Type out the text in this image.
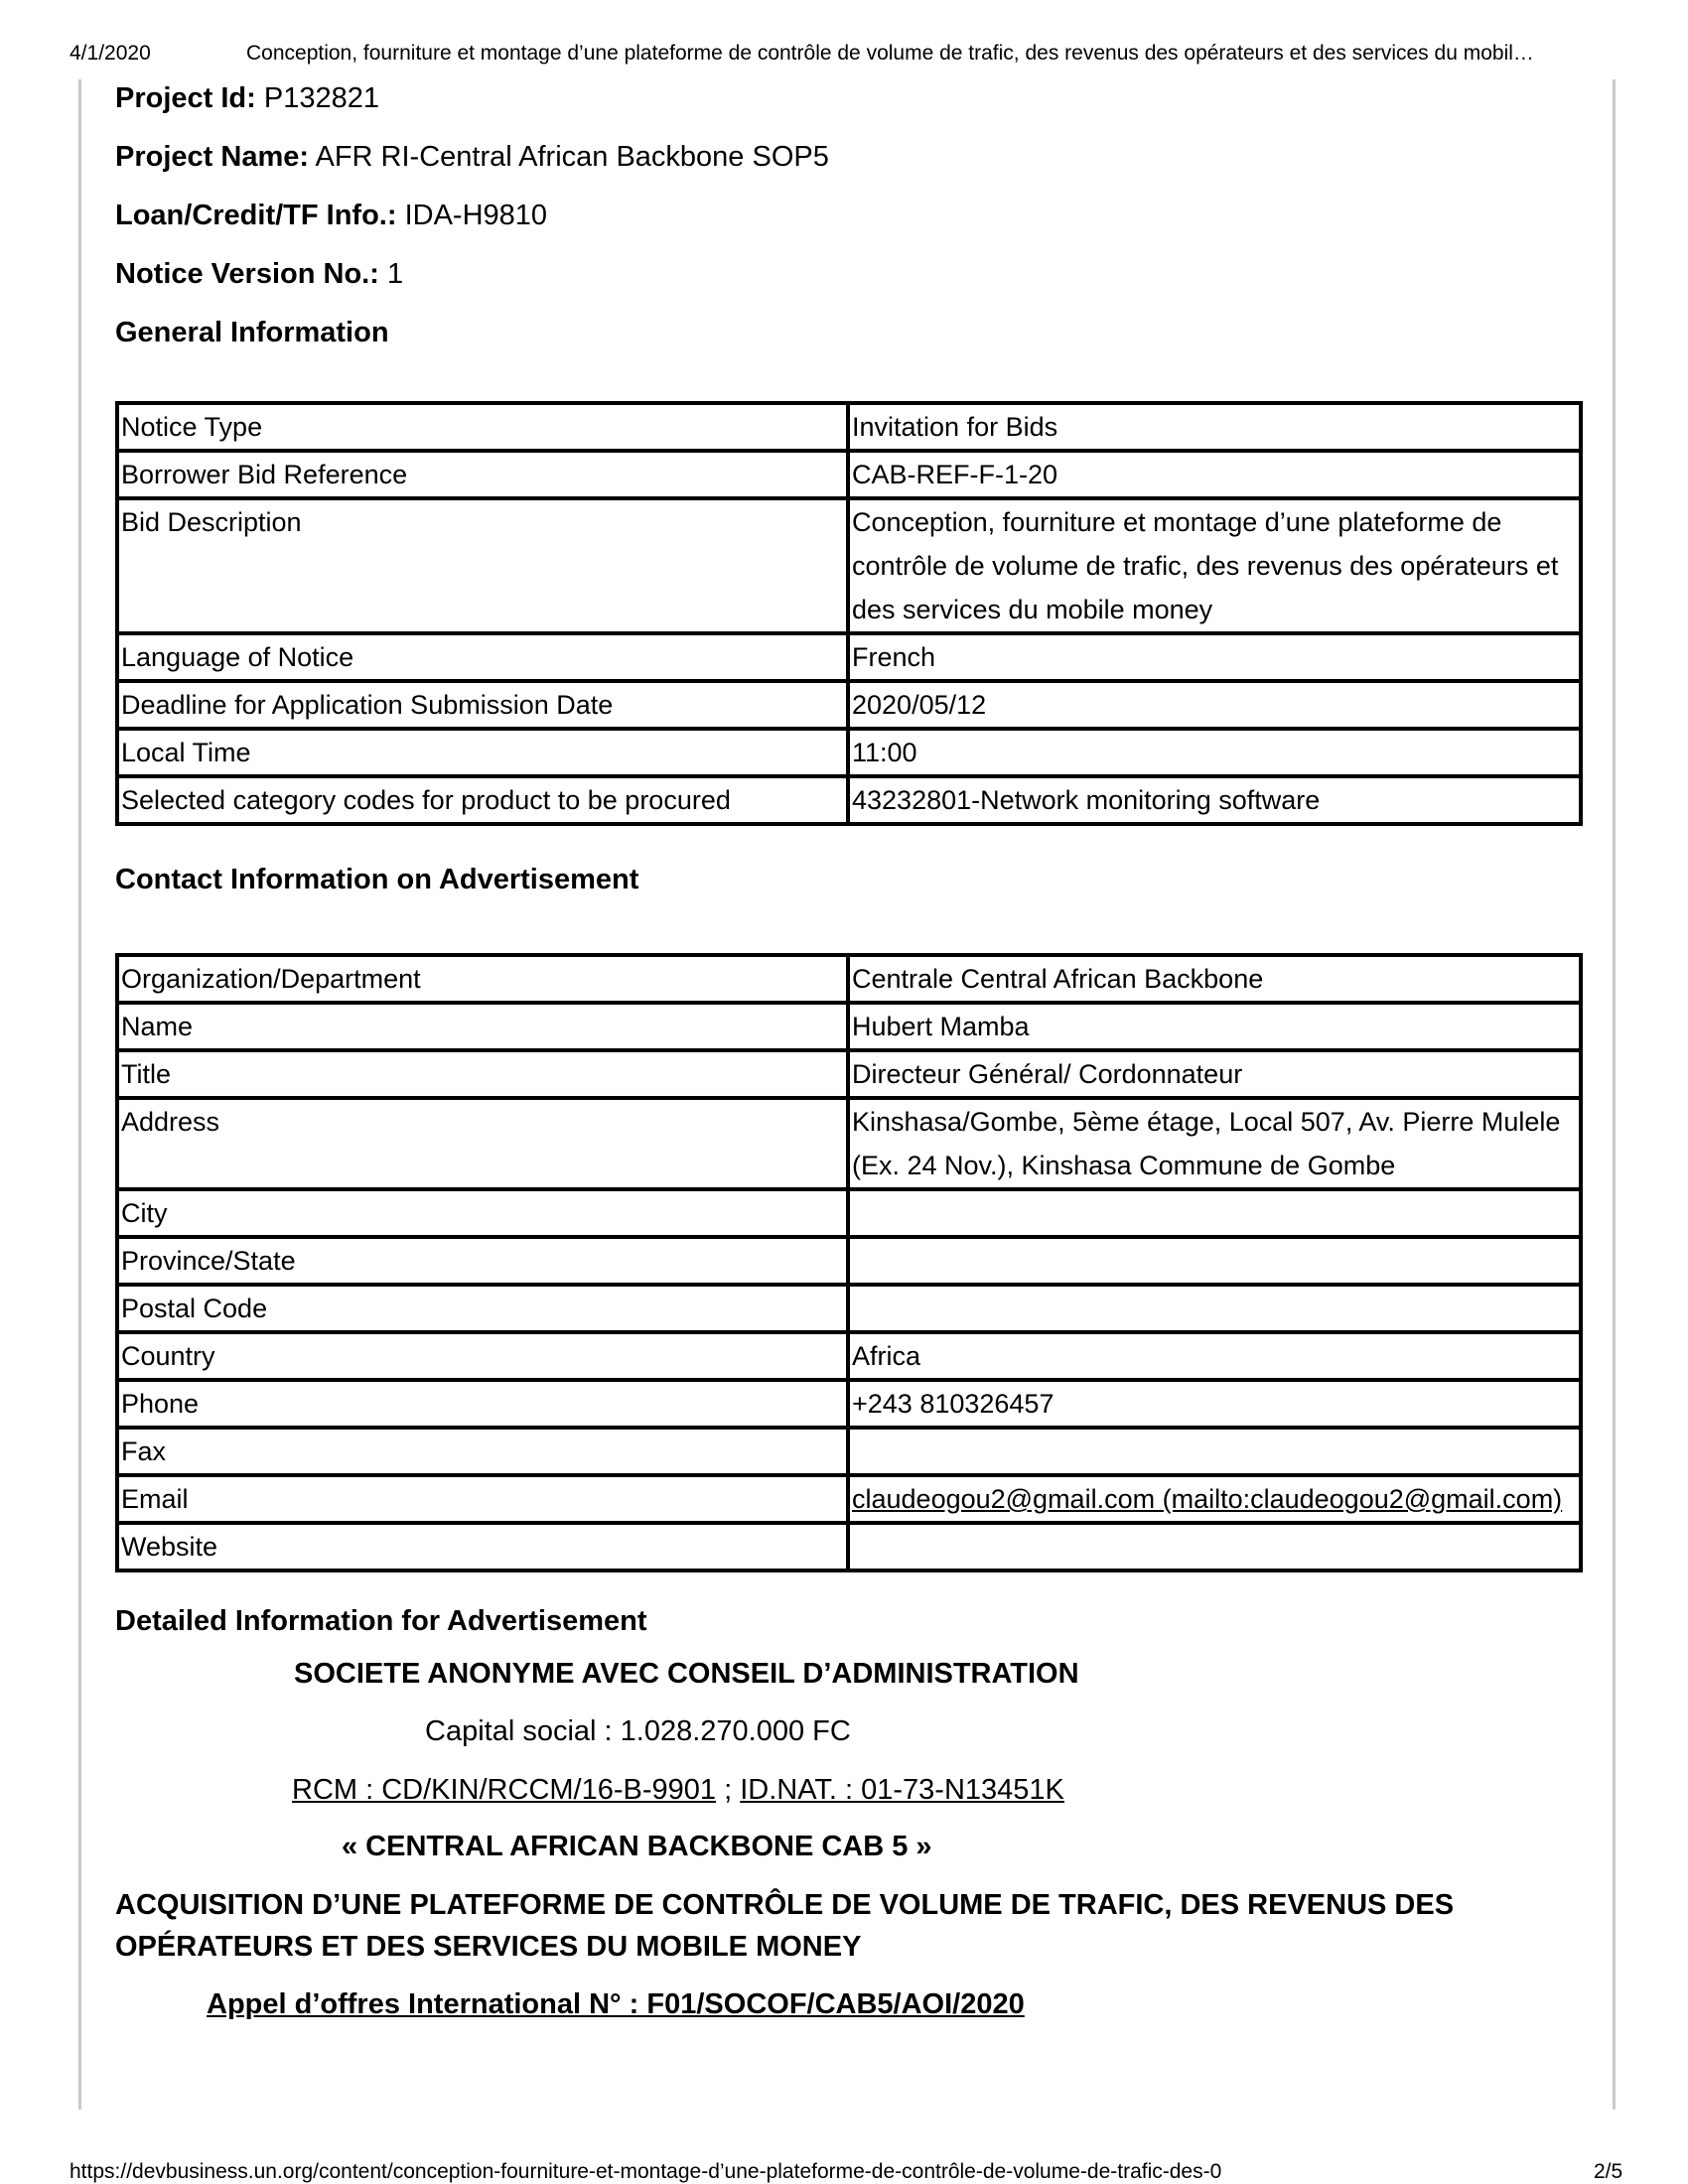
4/1/2020	Conception, fourniture et montage d’une plateforme de contrôle de volume de trafic, des revenus des opérateurs et des services du mobil…

Project Id: P132821

Project Name: AFR RI-Central African Backbone SOP5

Loan/Credit/TF Info.: IDA-H9810

Notice Version No.: 1

General Information

Notice Type	Invitation for Bids
Borrower Bid Reference	CAB-REF-F-1-20
Bid Description	Conception, fourniture et montage d’une plateforme de contrôle de volume de trafic, des revenus des opérateurs et des services du mobile money
Language of Notice	French
Deadline for Application Submission Date	2020/05/12
Local Time	11:00
Selected category codes for product to be procured	43232801-Network monitoring software

Contact Information on Advertisement

Organization/Department	Centrale Central African Backbone
Name	Hubert Mamba
Title	Directeur Général/ Cordonnateur
Address	Kinshasa/Gombe, 5ème étage, Local 507, Av. Pierre Mulele (Ex. 24 Nov.), Kinshasa Commune de Gombe
City	
Province/State	
Postal Code	
Country	Africa
Phone	+243 810326457
Fax	
Email	claudeogou2@gmail.com (mailto:claudeogou2@gmail.com)
Website	

Detailed Information for Advertisement

SOCIETE ANONYME AVEC CONSEIL D’ADMINISTRATION
Capital social : 1.028.270.000 FC
RCM : CD/KIN/RCCM/16-B-9901 ; ID.NAT. : 01-73-N13451K
« CENTRAL AFRICAN BACKBONE CAB 5 »
ACQUISITION D’UNE PLATEFORME DE CONTRÔLE DE VOLUME DE TRAFIC, DES REVENUS DES
OPÉRATEURS ET DES SERVICES DU MOBILE MONEY
Appel d’offres International N° : F01/SOCOF/CAB5/AOI/2020
https://devbusiness.un.org/content/conception-fourniture-et-montage-d’une-plateforme-de-contrôle-de-volume-de-trafic-des-0	2/5
